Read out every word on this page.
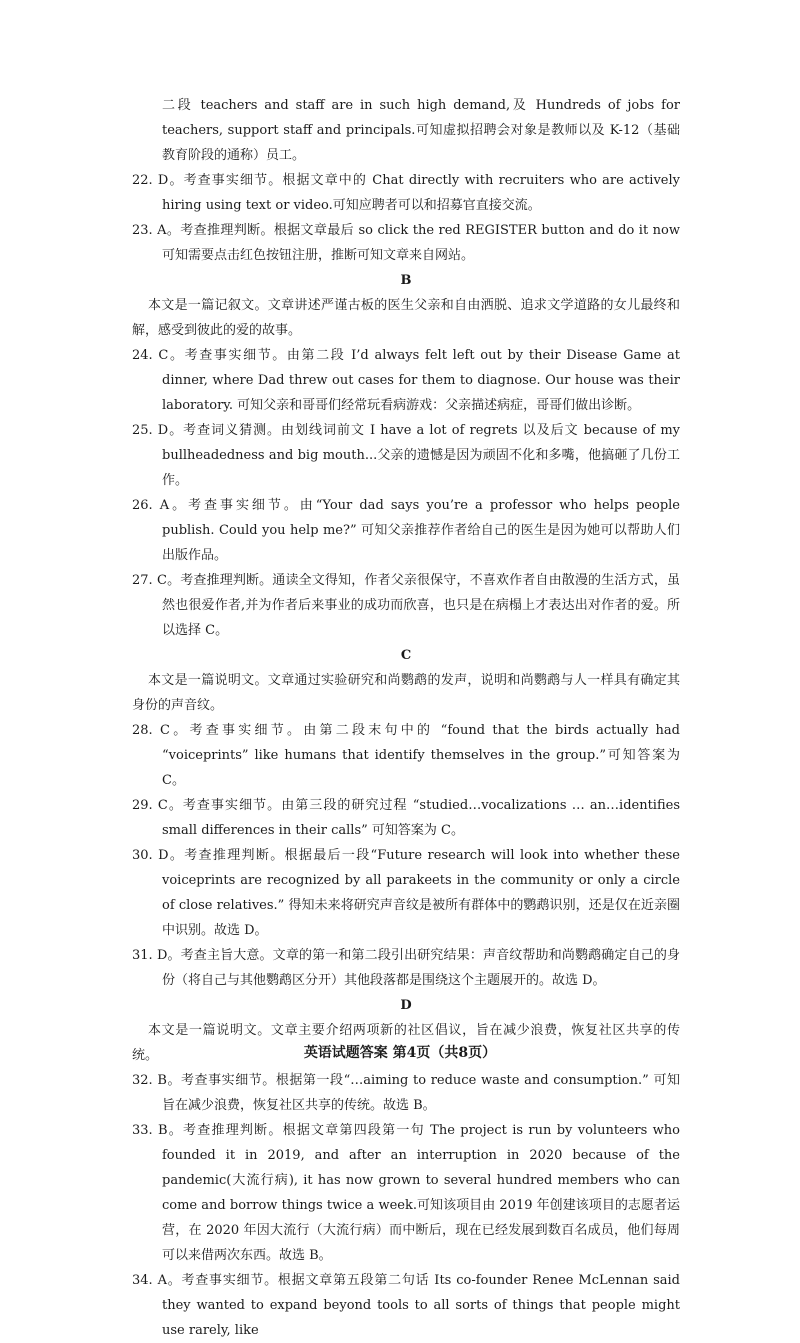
二段 teachers and staff are in such high demand,及 Hundreds of jobs for teachers, support staff and principals.可知虚拟招聘会对象是教师以及 K-12（基础教育阶段的通称）员工。

22. D。考查事实细节。根据文章中的 Chat directly with recruiters who are actively hiring using text or video.可知应聘者可以和招募官直接交流。

23. A。考查推理判断。根据文章最后 so click the red REGISTER button and do it now 可知需要点击红色按钮注册，推断可知文章来自网站。

B

本文是一篇记叙文。文章讲述严谨古板的医生父亲和自由洒脱、追求文学道路的女儿最终和解，感受到彼此的爱的故事。

24. C。考查事实细节。由第二段 I’d always felt left out by their Disease Game at dinner, where Dad threw out cases for them to diagnose. Our house was their laboratory. 可知父亲和哥哥们经常玩看病游戏：父亲描述病症，哥哥们做出诊断。

25. D。考查词义猜测。由划线词前文 I have a lot of regrets 以及后文 because of my bullheadedness and big mouth...父亲的遗憾是因为顽固不化和多嘴，他搞砸了几份工作。

26. A。考查事实细节。由“Your dad says you’re a professor who helps people publish. Could you help me?” 可知父亲推荐作者给自己的医生是因为她可以帮助人们出版作品。

27. C。考查推理判断。通读全文得知，作者父亲很保守，不喜欢作者自由散漫的生活方式，虽然也很爱作者,并为作者后来事业的成功而欣喜，也只是在病榻上才表达出对作者的爱。所以选择 C。

C

本文是一篇说明文。文章通过实验研究和尚鹦鹉的发声，说明和尚鹦鹉与人一样具有确定其身份的声音纹。

28. C。考查事实细节。由第二段末句中的 “found that the birds actually had “voiceprints” like humans that identify themselves in the group.”可知答案为 C。

29. C。考查事实细节。由第三段的研究过程 “studied…vocalizations … an…identifies small differences in their calls” 可知答案为 C。

30. D。考查推理判断。根据最后一段“Future research will look into whether these voiceprints are recognized by all parakeets in the community or only a circle of close relatives.” 得知未来将研究声音纹是被所有群体中的鹦鹉识别，还是仅在近亲圈中识别。故选 D。

31. D。考查主旨大意。文章的第一和第二段引出研究结果：声音纹帮助和尚鹦鹉确定自己的身份（将自己与其他鹦鹉区分开）其他段落都是围绕这个主题展开的。故选 D。

D

本文是一篇说明文。文章主要介绍两项新的社区倡议，旨在减少浪费，恢复社区共享的传统。

32. B。考查事实细节。根据第一段“…aiming to reduce waste and consumption.” 可知旨在减少浪费，恢复社区共享的传统。故选 B。

33. B。考查推理判断。根据文章第四段第一句 The project is run by volunteers who founded it in 2019, and after an interruption in 2020 because of the pandemic(大流行病), it has now grown to several hundred members who can come and borrow things twice a week.可知该项目由 2019 年创建该项目的志愿者运营，在 2020 年因大流行（大流行病）而中断后，现在已经发展到数百名成员，他们每周可以来借两次东西。故选 B。

34. A。考查事实细节。根据文章第五段第二句话 Its co-founder Renee McLennan said they wanted to expand beyond tools to all sorts of things that people might use rarely, like

英语试题答案 第4页（共8页）
